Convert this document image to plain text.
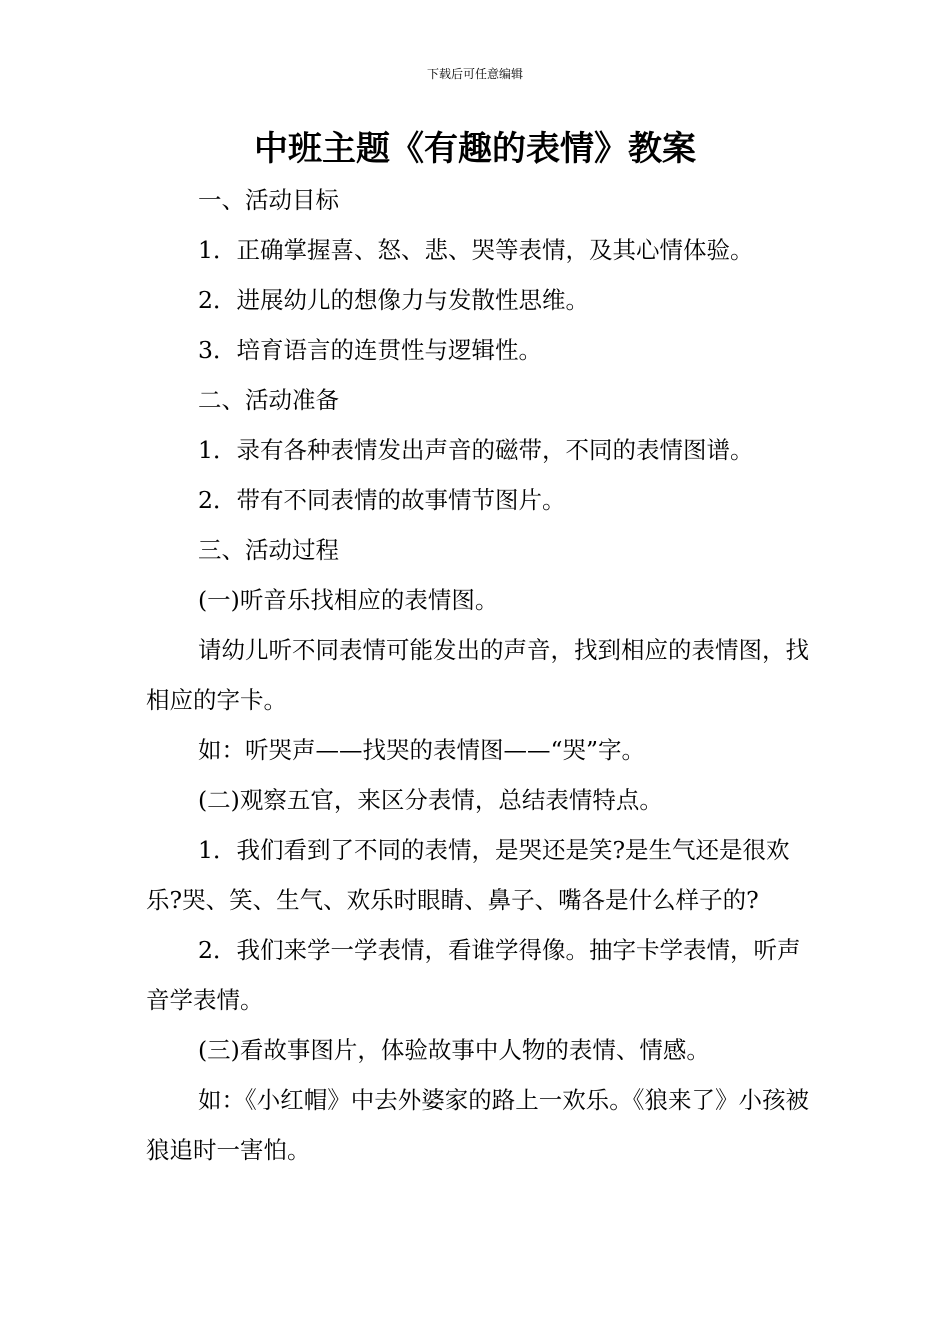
下载后可任意编辑
中班主题《有趣的表情》教案

一、活动目标

1．正确掌握喜、怒、悲、哭等表情，及其心情体验。

2．进展幼儿的想像力与发散性思维。

3．培育语言的连贯性与逻辑性。

二、活动准备

1．录有各种表情发出声音的磁带，不同的表情图谱。

2．带有不同表情的故事情节图片。

三、活动过程

(一)听音乐找相应的表情图。

请幼儿听不同表情可能发出的声音，找到相应的表情图，找相应的字卡。

如：听哭声——找哭的表情图——“哭”字。

(二)观察五官，来区分表情，总结表情特点。

1．我们看到了不同的表情，是哭还是笑?是生气还是很欢乐?哭、笑、生气、欢乐时眼睛、鼻子、嘴各是什么样子的?

2．我们来学一学表情，看谁学得像。抽字卡学表情，听声音学表情。

(三)看故事图片，体验故事中人物的表情、情感。

如：《小红帽》中去外婆家的路上一欢乐。《狼来了》小孩被狼追时一害怕。
